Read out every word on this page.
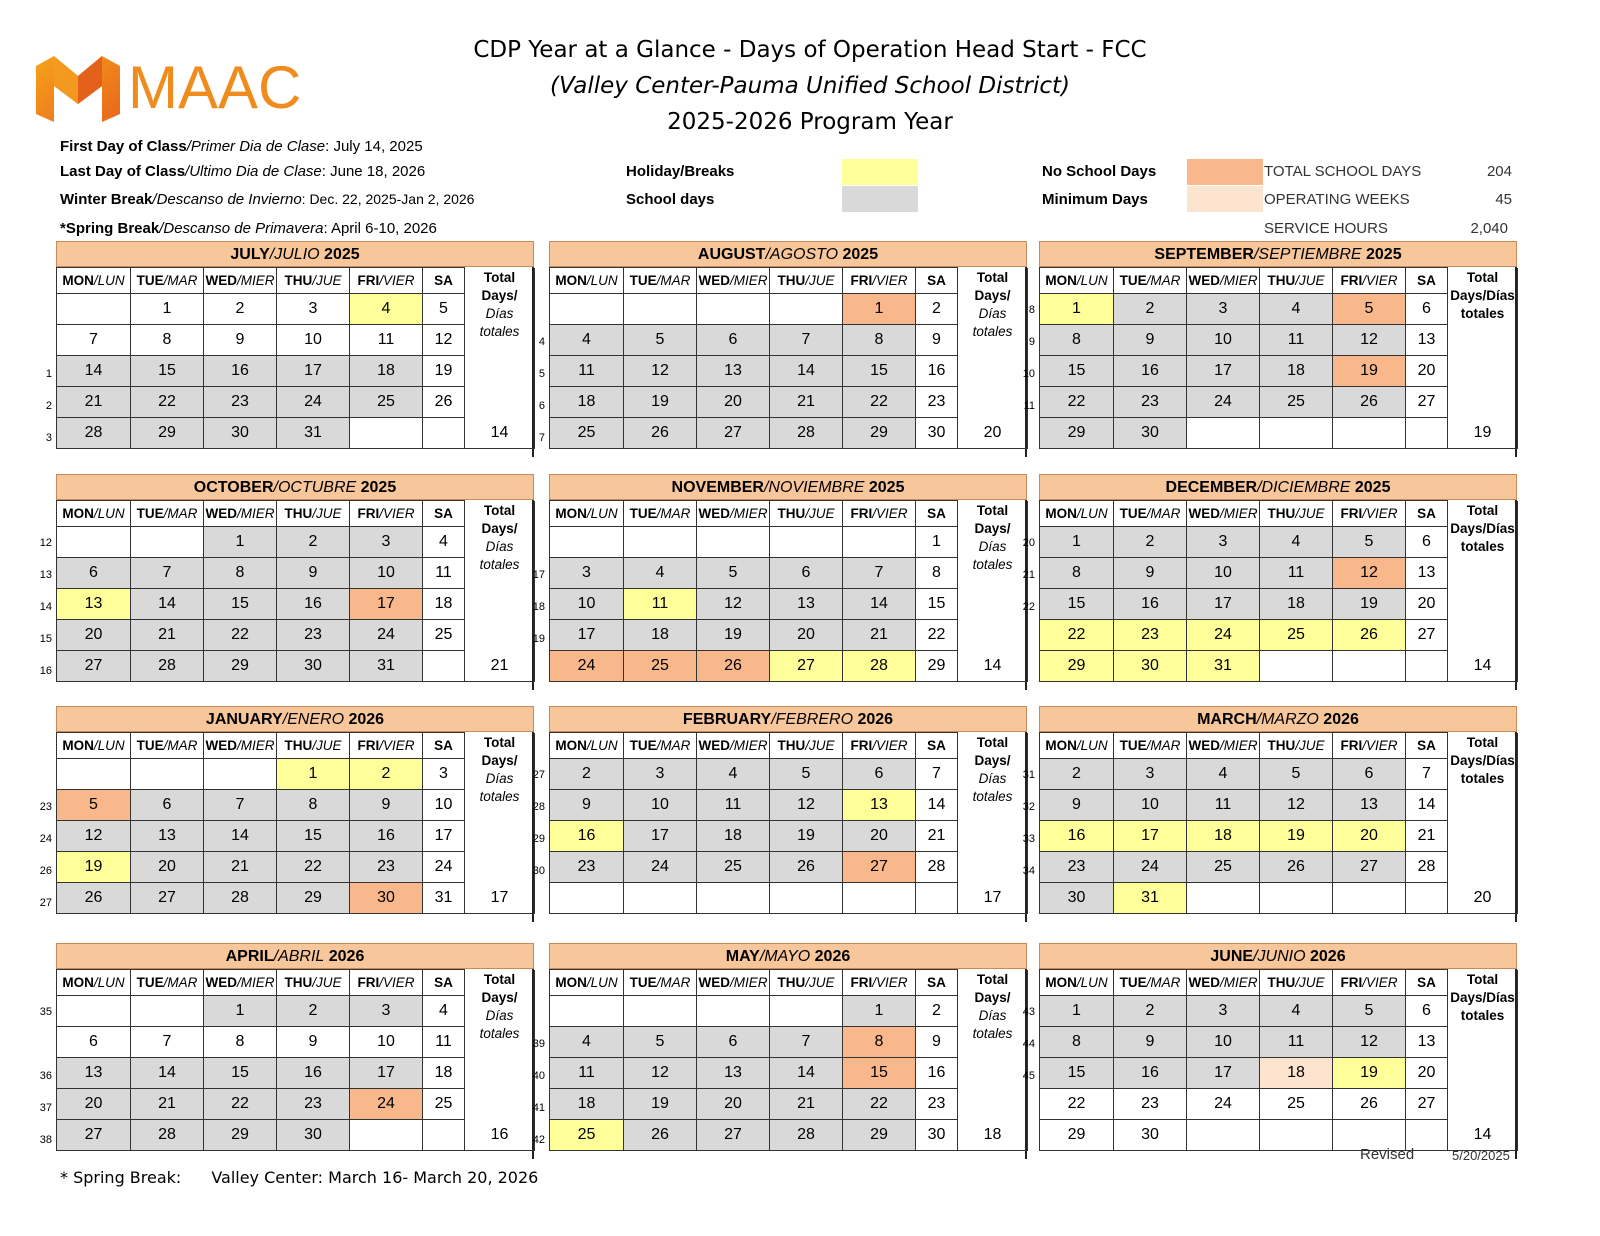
MAAC
CDP Year at a Glance - Days of Operation Head Start - FCC
(Valley Center-Pauma Unified School District)
2025-2026 Program Year
First Day of Class/Primer Dia de Clase: July 14, 2025
Last Day of Class/Ultimo Dia de Clase: June 18, 2026
Winter Break/Descanso de Invierno: Dec. 22, 2025-Jan 2, 2026
*Spring Break/Descanso de Primavera: April 6-10, 2026
Holiday/Breaks
School days
No School Days
Minimum Days
TOTAL SCHOOL DAYS	204
OPERATING WEEKS	45
SERVICE HOURS	2,040
JULY/JULIO 2025
MON/LUN	TUE/MAR	WED/MIER	THU/JUE	FRI/VIER	SA	Total Days/
Días totales

	1	2	3	4	5	
7	8	9	10	11	12	
14	15	16	17	18	19	
21	22	23	24	25	26	
28	29	30	31			14
1
2
3
AUGUST/AGOSTO 2025
MON/LUN	TUE/MAR	WED/MIER	THU/JUE	FRI/VIER	SA	Total Days/
Días totales

				1	2	
4	5	6	7	8	9	
11	12	13	14	15	16	
18	19	20	21	22	23	
25	26	27	28	29	30	20
4
5
6
7
SEPTEMBER/SEPTIEMBRE 2025
MON/LUN	TUE/MAR	WED/MIER	THU/JUE	FRI/VIER	SA	Total Days/Días totales
1	2	3	4	5	6	
8	9	10	11	12	13	
15	16	17	18	19	20	
22	23	24	25	26	27	
29	30					19
8
9
10
11
OCTOBER/OCTUBRE 2025
MON/LUN	TUE/MAR	WED/MIER	THU/JUE	FRI/VIER	SA	Total Days/
Días totales

		1	2	3	4	
6	7	8	9	10	11	
13	14	15	16	17	18	
20	21	22	23	24	25	
27	28	29	30	31		21
12
13
14
15
16
NOVEMBER/NOVIEMBRE 2025
MON/LUN	TUE/MAR	WED/MIER	THU/JUE	FRI/VIER	SA	Total Days/
Días totales

					1	
3	4	5	6	7	8	
10	11	12	13	14	15	
17	18	19	20	21	22	
24	25	26	27	28	29	14
17
18
19
DECEMBER/DICIEMBRE 2025
MON/LUN	TUE/MAR	WED/MIER	THU/JUE	FRI/VIER	SA	Total Days/Días totales
1	2	3	4	5	6	
8	9	10	11	12	13	
15	16	17	18	19	20	
22	23	24	25	26	27	
29	30	31				14
20
21
22
JANUARY/ENERO 2026
MON/LUN	TUE/MAR	WED/MIER	THU/JUE	FRI/VIER	SA	Total Days/
Días totales

			1	2	3	
5	6	7	8	9	10	
12	13	14	15	16	17	
19	20	21	22	23	24	
26	27	28	29	30	31	17
23
24
26
27
FEBRUARY/FEBRERO 2026
MON/LUN	TUE/MAR	WED/MIER	THU/JUE	FRI/VIER	SA	Total Days/
Días totales

2	3	4	5	6	7	
9	10	11	12	13	14	
16	17	18	19	20	21	
23	24	25	26	27	28	
						17
27
28
29
30
MARCH/MARZO 2026
MON/LUN	TUE/MAR	WED/MIER	THU/JUE	FRI/VIER	SA	Total Days/Días totales
2	3	4	5	6	7	
9	10	11	12	13	14	
16	17	18	19	20	21	
23	24	25	26	27	28	
30	31					20
31
32
33
34
APRIL/ABRIL 2026
MON/LUN	TUE/MAR	WED/MIER	THU/JUE	FRI/VIER	SA	Total Days/
Días totales

		1	2	3	4	
6	7	8	9	10	11	
13	14	15	16	17	18	
20	21	22	23	24	25	
27	28	29	30			16
35
36
37
38
MAY/MAYO 2026
MON/LUN	TUE/MAR	WED/MIER	THU/JUE	FRI/VIER	SA	Total Days/
Días totales

				1	2	
4	5	6	7	8	9	
11	12	13	14	15	16	
18	19	20	21	22	23	
25	26	27	28	29	30	18
39
40
41
42
JUNE/JUNIO 2026
MON/LUN	TUE/MAR	WED/MIER	THU/JUE	FRI/VIER	SA	Total Days/Días totales
1	2	3	4	5	6	
8	9	10	11	12	13	
15	16	17	18	19	20	
22	23	24	25	26	27	
29	30					14
43
44
45
* Spring Break: Valley Center: March 16- March 20, 2026
Revised	5/20/2025
